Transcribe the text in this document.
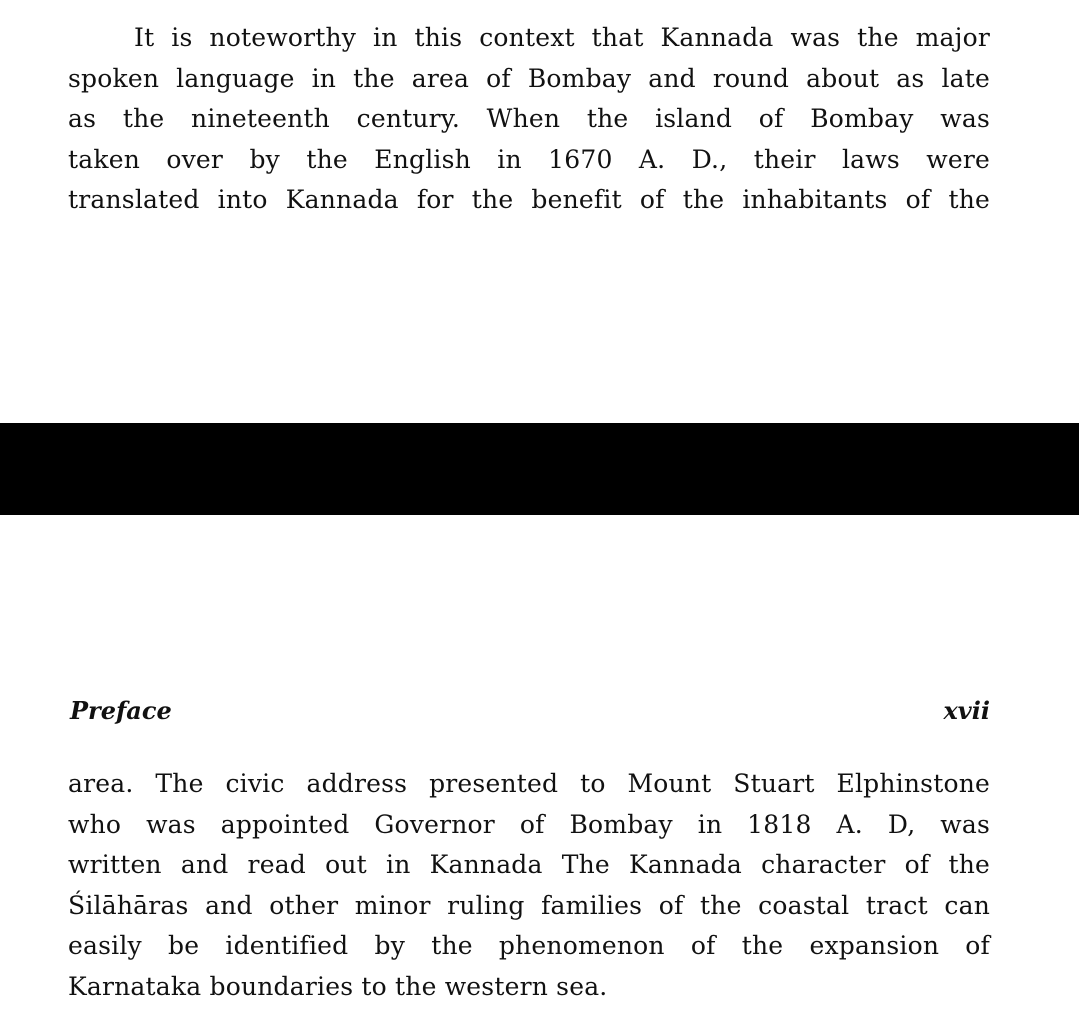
It is noteworthy in this context that Kannada was the major
spoken language in the area of Bombay and round about as late
as the nineteenth century. When the island of Bombay was
taken over by the English in 1670 A. D., their laws were
translated into Kannada for the benefit of the inhabitants of the
Preface	xvii
area. The civic address presented to Mount Stuart Elphinstone
who was appointed Governor of Bombay in 1818 A. D, was
written and read out in Kannada The Kannada character of the
Śilāhāras and other minor ruling families of the coastal tract can
easily be identified by the phenomenon of the expansion of
Karnataka boundaries to the western sea.
